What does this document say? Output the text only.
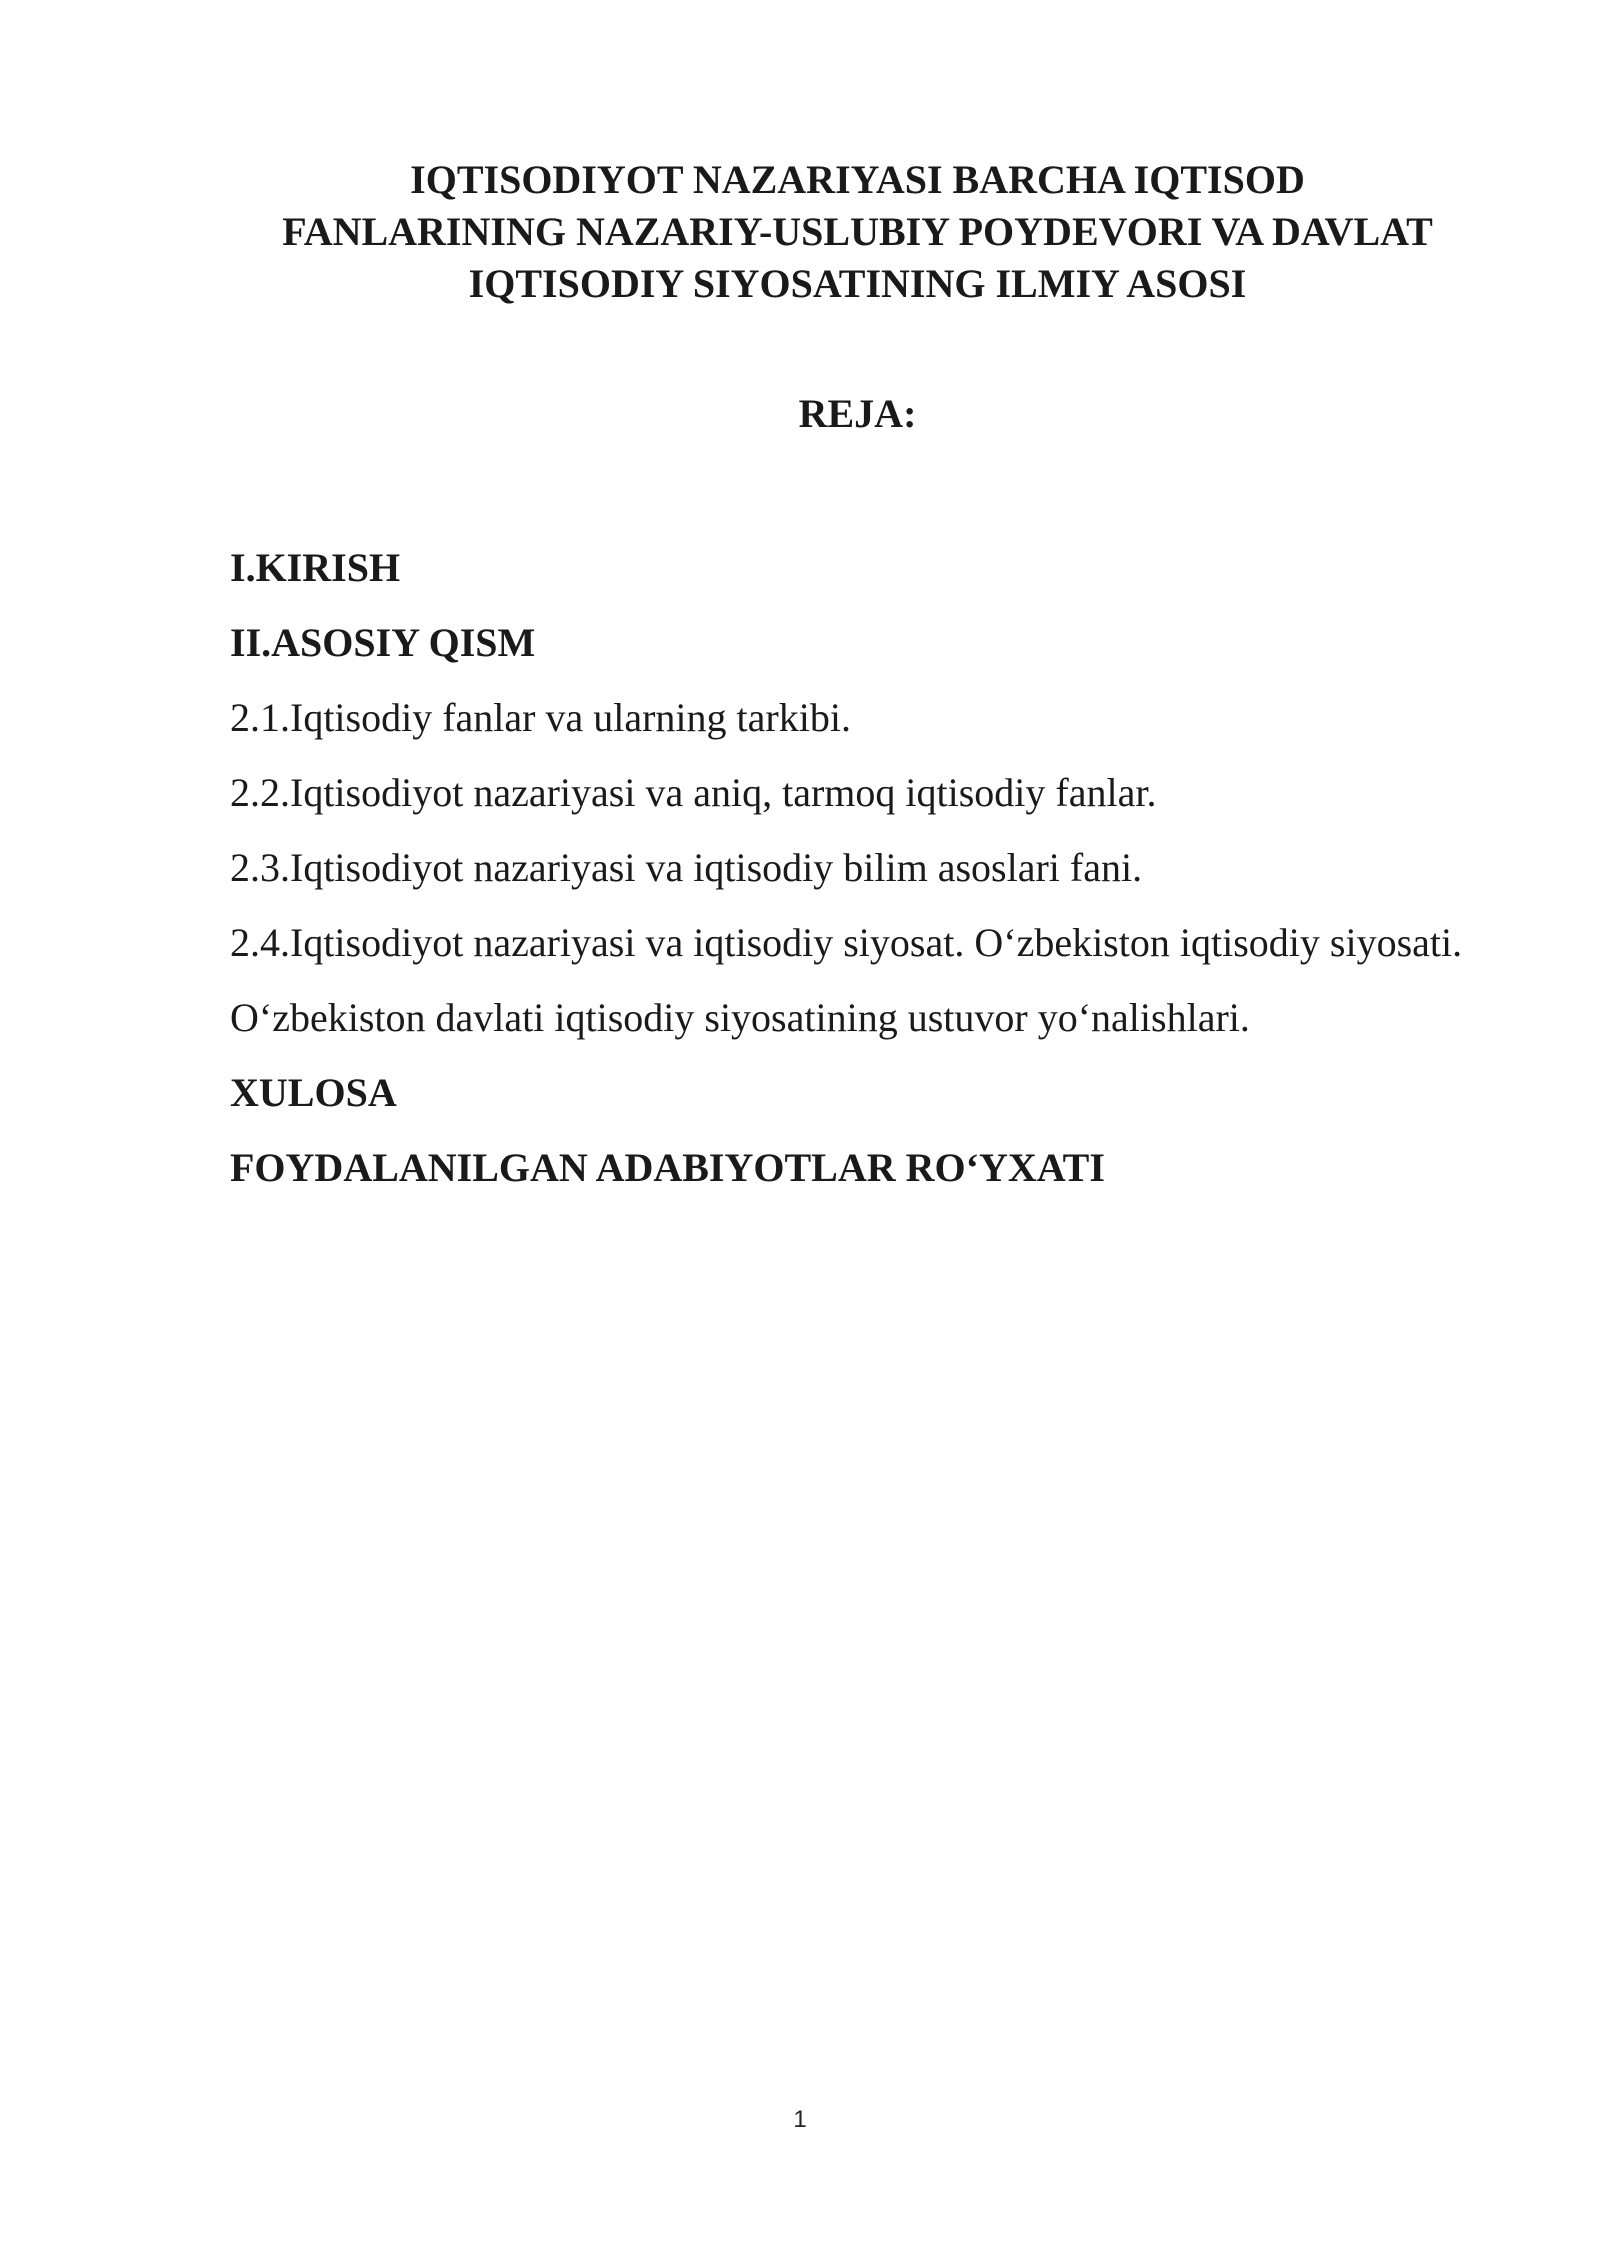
IQTISODIYOT NAZARIYASI BARCHA IQTISOD
FANLARINING NAZARIY-USLUBIY POYDEVORI VA DAVLAT
IQTISODIY SIYOSATINING ILMIY ASOSI
REJA:
I.KIRISH
II.ASOSIY QISM
2.1.Iqtisodiy fanlar va ularning tarkibi.
2.2.Iqtisodiyot nazariyasi va aniq, tarmoq iqtisodiy fanlar.
2.3.Iqtisodiyot nazariyasi va iqtisodiy bilim asoslari fani.
2.4.Iqtisodiyot nazariyasi va iqtisodiy siyosat. O‘zbekiston iqtisodiy siyosati. O‘zbekiston davlati iqtisodiy siyosatining ustuvor yo‘nalishlari.
XULOSA
FOYDALANILGAN ADABIYOTLAR RO‘YXATI
1
